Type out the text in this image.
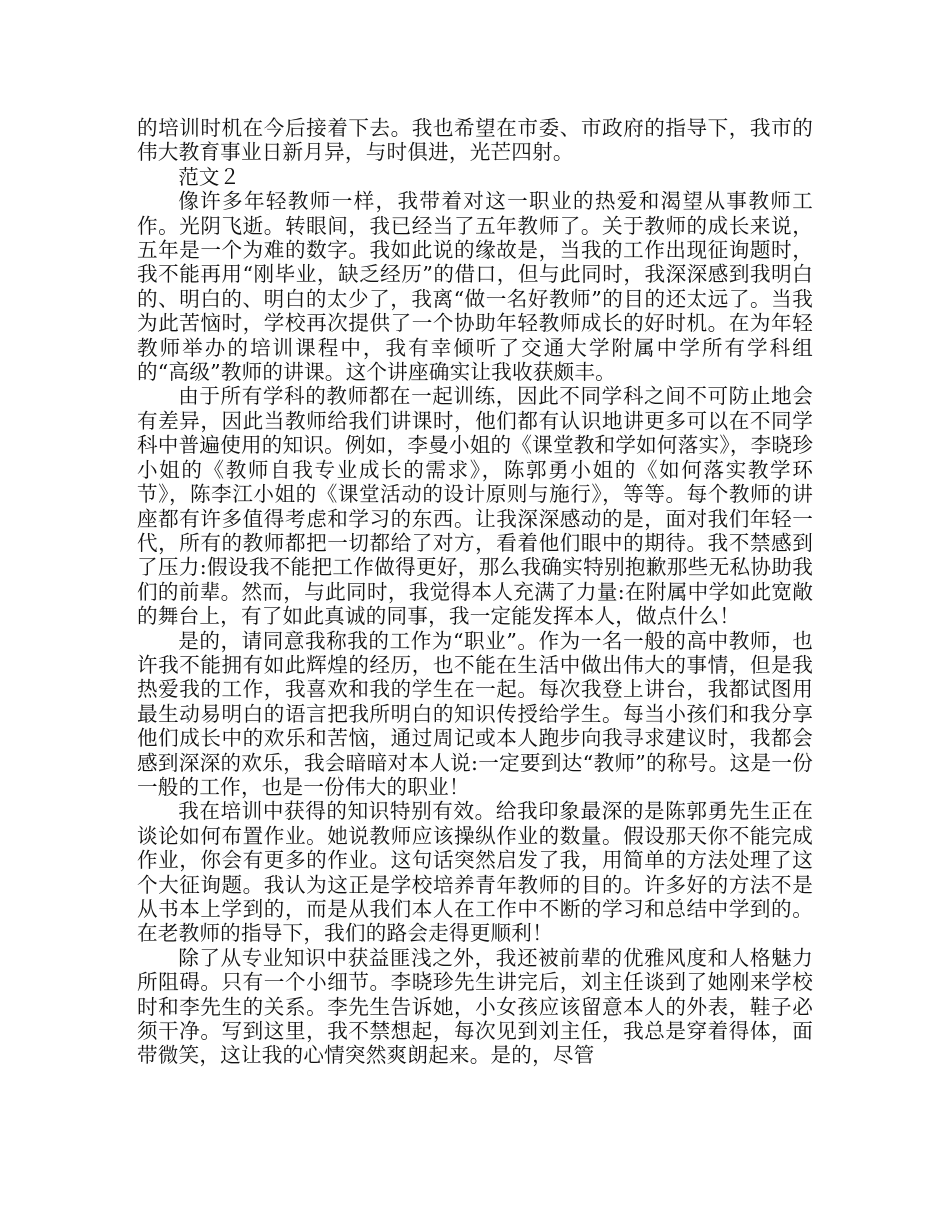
的培训时机在今后接着下去。我也希望在市委、市政府的指导下，我市的伟大教育事业日新月异，与时俱进，光芒四射。

范文２

像许多年轻教师一样，我带着对这一职业的热爱和渴望从事教师工作。光阴飞逝。转眼间，我已经当了五年教师了。关于教师的成长来说，五年是一个为难的数字。我如此说的缘故是，当我的工作出现征询题时，我不能再用“刚毕业，缺乏经历”的借口，但与此同时，我深深感到我明白的、明白的、明白的太少了，我离“做一名好教师”的目的还太远了。当我为此苦恼时，学校再次提供了一个协助年轻教师成长的好时机。在为年轻教师举办的培训课程中，我有幸倾听了交通大学附属中学所有学科组的“高级”教师的讲课。这个讲座确实让我收获颇丰。

由于所有学科的教师都在一起训练，因此不同学科之间不可防止地会有差异，因此当教师给我们讲课时，他们都有认识地讲更多可以在不同学科中普遍使用的知识。例如，李曼小姐的《课堂教和学如何落实》，李晓珍小姐的《教师自我专业成长的需求》，陈郭勇小姐的《如何落实教学环节》，陈李江小姐的《课堂活动的设计原则与施行》，等等。每个教师的讲座都有许多值得考虑和学习的东西。让我深深感动的是，面对我们年轻一代，所有的教师都把一切都给了对方，看着他们眼中的期待。我不禁感到了压力:假设我不能把工作做得更好，那么我确实特别抱歉那些无私协助我们的前辈。然而，与此同时，我觉得本人充满了力量:在附属中学如此宽敞的舞台上，有了如此真诚的同事，我一定能发挥本人，做点什么！

是的，请同意我称我的工作为“职业”。作为一名一般的高中教师，也许我不能拥有如此辉煌的经历，也不能在生活中做出伟大的事情，但是我热爱我的工作，我喜欢和我的学生在一起。每次我登上讲台，我都试图用最生动易明白的语言把我所明白的知识传授给学生。每当小孩们和我分享他们成长中的欢乐和苦恼，通过周记或本人跑步向我寻求建议时，我都会感到深深的欢乐，我会暗暗对本人说:一定要到达“教师”的称号。这是一份一般的工作，也是一份伟大的职业！

我在培训中获得的知识特别有效。给我印象最深的是陈郭勇先生正在谈论如何布置作业。她说教师应该操纵作业的数量。假设那天你不能完成作业，你会有更多的作业。这句话突然启发了我，用简单的方法处理了这个大征询题。我认为这正是学校培养青年教师的目的。许多好的方法不是从书本上学到的，而是从我们本人在工作中不断的学习和总结中学到的。在老教师的指导下，我们的路会走得更顺利！

除了从专业知识中获益匪浅之外，我还被前辈的优雅风度和人格魅力所阻碍。只有一个小细节。李晓珍先生讲完后，刘主任谈到了她刚来学校时和李先生的关系。李先生告诉她，小女孩应该留意本人的外表，鞋子必须干净。写到这里，我不禁想起，每次见到刘主任，我总是穿着得体，面带微笑，这让我的心情突然爽朗起来。是的，尽管
